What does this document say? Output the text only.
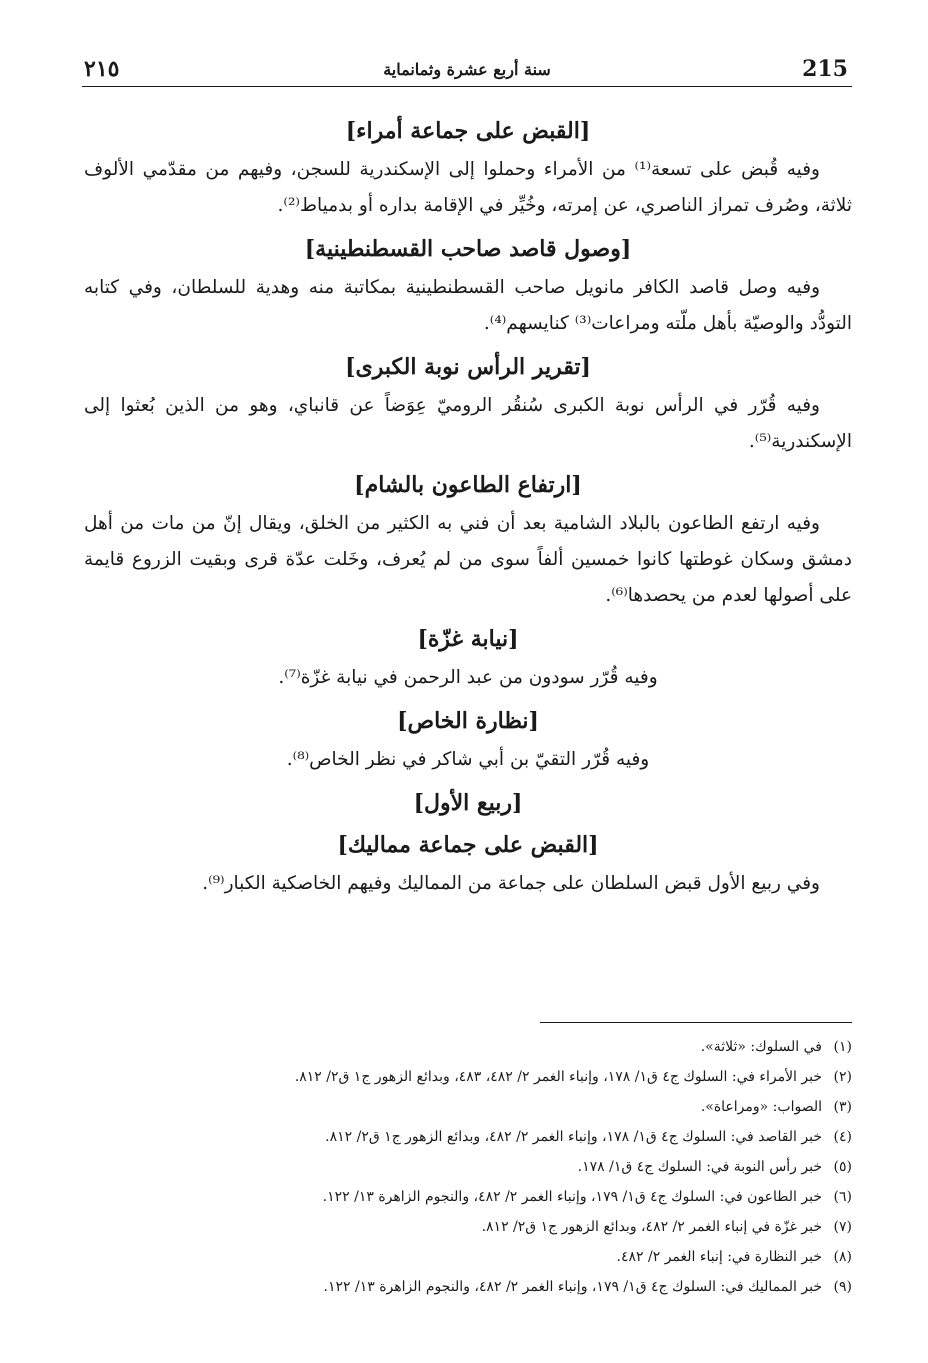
215
سنة أربع عشرة وثمانماية
٢١٥
[القبض على جماعة أمراء]

وفيه قُبض على تسعة⁽¹⁾ من الأمراء وحملوا إلى الإسكندرية للسجن، وفيهم من مقدّمي الألوف ثلاثة، وصُرف تمراز الناصري، عن إمرته، وخُيِّر في الإقامة بداره أو بدمياط⁽²⁾.

[وصول قاصد صاحب القسطنطينية]

وفيه وصل قاصد الكافر مانويل صاحب القسطنطينية بمكاتبة منه وهدية للسلطان، وفي كتابه التودُّد والوصيّة بأهل ملّته ومراعات⁽³⁾ كنايسهم⁽⁴⁾.

[تقرير الرأس نوبة الكبرى]

وفيه قُرّر في الرأس نوبة الكبرى سُنقُر الروميّ عِوَضاً عن قانباي، وهو من الذين بُعثوا إلى الإسكندرية⁽⁵⁾.

[ارتفاع الطاعون بالشام]

وفيه ارتفع الطاعون بالبلاد الشامية بعد أن فني به الكثير من الخلق، ويقال إنّ من مات من أهل دمشق وسكان غوطتها كانوا خمسين ألفاً سوى من لم يُعرف، وخَلت عدّة قرى وبقيت الزروع قايمة على أصولها لعدم من يحصدها⁽⁶⁾.

[نيابة غزّة]

وفيه قُرّر سودون من عبد الرحمن في نيابة غزّة⁽⁷⁾.

[نظارة الخاص]

وفيه قُرّر التقيّ بن أبي شاكر في نظر الخاص⁽⁸⁾.

[ربيع الأول]
[القبض على جماعة مماليك]

وفي ربيع الأول قبض السلطان على جماعة من المماليك وفيهم الخاصكية الكبار⁽⁹⁾.

(١)في السلوك: «ثلاثة».
(٢)خبر الأمراء في: السلوك ج٤ ق١/ ١٧٨، وإنباء الغمر ٢/ ٤٨٢، ٤٨٣، وبدائع الزهور ج١ ق٢/ ٨١٢.
(٣)الصواب: «ومراعاة».
(٤)خبر القاصد في: السلوك ج٤ ق١/ ١٧٨، وإنباء الغمر ٢/ ٤٨٢، وبدائع الزهور ج١ ق٢/ ٨١٢.
(٥)خبر رأس النوبة في: السلوك ج٤ ق١/ ١٧٨.
(٦)خبر الطاعون في: السلوك ج٤ ق١/ ١٧٩، وإنباء الغمر ٢/ ٤٨٢، والنجوم الزاهرة ١٣/ ١٢٢.
(٧)خبر غزّة في إنباء الغمر ٢/ ٤٨٢، وبدائع الزهور ج١ ق٢/ ٨١٢.
(٨)خبر النظارة في: إنباء الغمر ٢/ ٤٨٢.
(٩)خبر المماليك في: السلوك ج٤ ق١/ ١٧٩، وإنباء الغمر ٢/ ٤٨٢، والنجوم الزاهرة ١٣/ ١٢٢.
